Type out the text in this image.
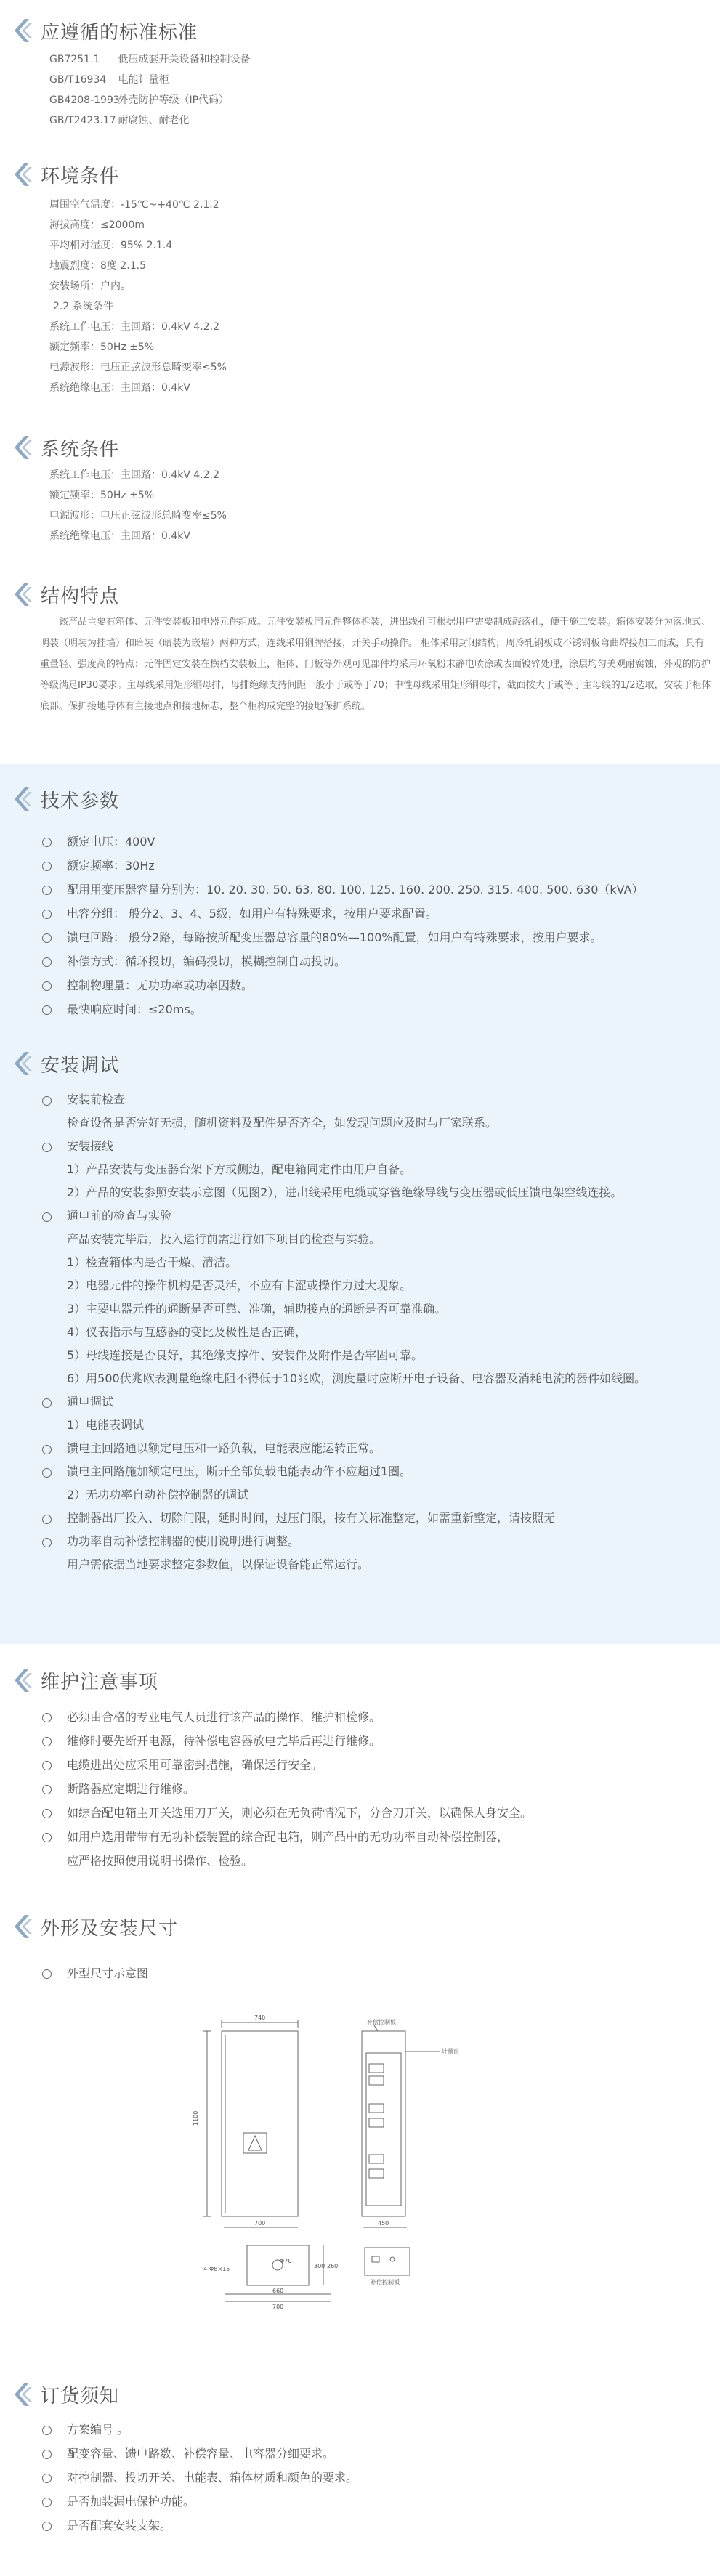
应遵循的标准标准
GB7251.1 低压成套开关设备和控制设备
GB/T16934 电能计量柜
GB4208-1993 外壳防护等级（IP代码）
GB/T2423.17 耐腐蚀、耐老化
环境条件
周围空气温度：-15℃~+40℃ 2.1.2
海拔高度：≤2000m
平均相对湿度：95% 2.1.4
地震烈度：8度 2.1.5
安装场所：户内。
2.2 系统条件
系统工作电压：主回路：0.4kV 4.2.2
额定频率：50Hz ±5%
电源波形：电压正弦波形总畸变率≤5%
系统绝缘电压：主回路：0.4kV
系统条件
系统工作电压：主回路：0.4kV 4.2.2
额定频率：50Hz ±5%
电源波形：电压正弦波形总畸变率≤5%
系统绝缘电压：主回路：0.4kV
结构特点
该产品主要有箱体、元件安装板和电器元件组成。元件安装板同元件整体拆装，进出线孔可根据用户需要制成敲落孔，便于施工安装。箱体安装分为落地式、明装（明装为挂墙）和暗装（暗装为嵌墙）两种方式，连线采用铜牌搭接，开关手动操作。 柜体采用封闭结构，周冷轧钢板或不锈钢板弯曲焊接加工而成，具有重量轻、强度高的特点；元件固定安装在横档安装板上，柜体、门板等外观可见部件均采用环氧粉末静电喷涂或表面镀锌处理，涂层均匀美观耐腐蚀，外观的防护等级满足IP30要求。主母线采用矩形铜母排，母排绝缘支持间距一般小于或等于70；中性母线采用矩形铜母排，截面按大于或等于主母线的1/2选取，安装于柜体底部。保护接地导体有主接地点和接地标志，整个柜构成完整的接地保护系统。
技术参数
额定电压：400V
额定频率：30Hz
配用用变压器容量分别为：10. 20. 30. 50. 63. 80. 100. 125. 160. 200. 250. 315. 400. 500. 630（kVA）
电容分组： 般分2、3、4、5级，如用户有特殊要求，按用户要求配置。
馈电回路： 般分2路，每路按所配变压器总容量的80%—100%配置，如用户有特殊要求，按用户要求。
补偿方式：循环投切，编码投切，模糊控制自动投切。
控制物理量：无功功率或功率因数。
最快响应时间：≤20ms。
安装调试
安装前检查
检查设备是否完好无损，随机资料及配件是否齐全，如发现问题应及时与厂家联系。
安装接线
1）产品安装与变压器台架下方或侧边，配电箱同定件由用户自备。
2）产品的安装参照安装示意图（见图2），进出线采用电缆或穿管绝缘导线与变压器或低压馈电架空线连接。
通电前的检查与实验
产品安装完毕后，投入运行前需进行如下项目的检查与实验。
1）检查箱体内是否干燥、清洁。
2）电器元件的操作机构是否灵活，不应有卡涩或操作力过大现象。
3）主要电器元件的通断是否可靠、准确，辅助接点的通断是否可靠准确。
4）仪表指示与互感器的变比及极性是否正确，
5）母线连接是否良好，其绝缘支撑件、安装件及附件是否牢固可靠。
6）用500伏兆欧表测量绝缘电阻不得低于10兆欧，测度量时应断开电子设备、电容器及消耗电流的器件如线圈。
通电调试
1）电能表调试
馈电主回路通以额定电压和一路负载，电能表应能运转正常。
馈电主回路施加额定电压，断开全部负载电能表动作不应超过1圈。
2）无功功率自动补偿控制器的调试
控制器出厂投入、切除门限，延时时间，过压门限，按有关标准整定，如需重新整定，请按照无
功功率自动补偿控制器的使用说明进行调整。
用户需依据当地要求整定参数值，以保证设备能正常运行。
维护注意事项
必须由合格的专业电气人员进行该产品的操作、维护和检修。
维修时要先断开电源，待补偿电容器放电完毕后再进行维修。
电缆进出处应采用可靠密封措施，确保运行安全。
断路器应定期进行维修。
如综合配电箱主开关选用刀开关，则必须在无负荷情况下，分合刀开关，以确保人身安全。
如用户选用带带有无功补偿装置的综合配电箱，则产品中的无功功率自动补偿控制器，
应严格按照使用说明书操作、检验。
外形及安装尺寸
外型尺寸示意图
740
700
1100
450
660
700
260
300
4-Φ8×15
Φ70
补偿控制板
计量窗
补偿控制板
订货须知
方案编号 。
配变容量、馈电路数、补偿容量、电容器分细要求。
对控制器、投切开关、电能表、箱体材质和颜色的要求。
是否加装漏电保护功能。
是否配套安装支架。
